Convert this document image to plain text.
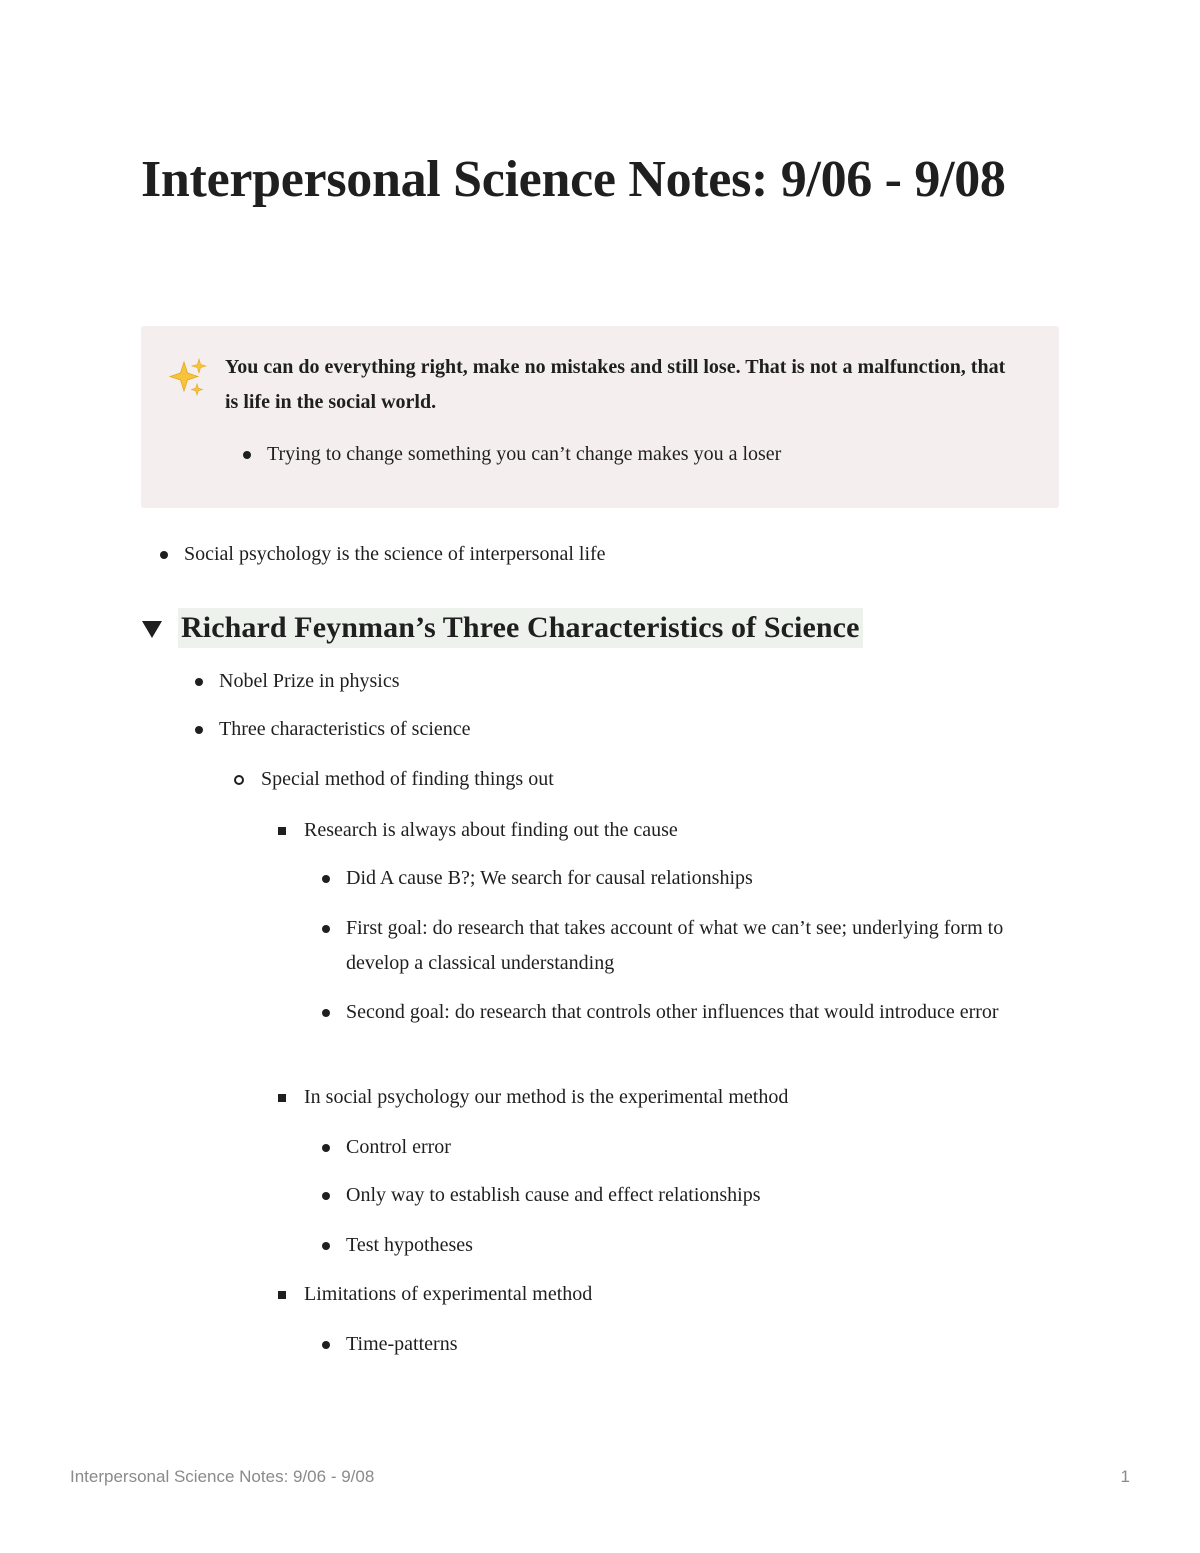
Interpersonal Science Notes: 9/06 - 9/08

You can do everything right, make no mistakes and still lose. That is not a malfunction, that is life in the social world.

Trying to change something you can’t change makes you a loser
Social psychology is the science of interpersonal life
Richard Feynman’s Three Characteristics of Science
Nobel Prize in physics
Three characteristics of science
Special method of finding things out
Research is always about finding out the cause
Did A cause B?; We search for causal relationships
First goal: do research that takes account of what we can’t see; underlying form to develop a classical understanding
Second goal: do research that controls other influences that would introduce error
In social psychology our method is the experimental method
Control error
Only way to establish cause and effect relationships
Test hypotheses
Limitations of experimental method
Time-patterns
Interpersonal Science Notes: 9/06 - 9/08	1
